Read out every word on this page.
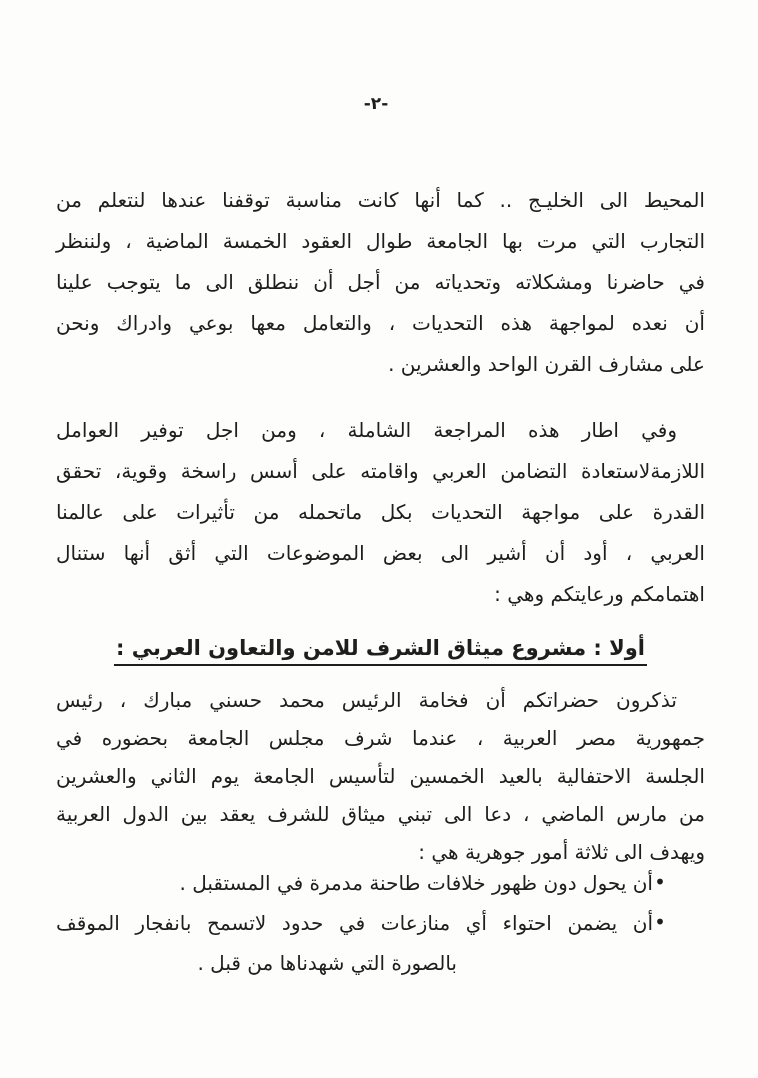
-٢-
المحيط الى الخليـج .. كما أنها كانت مناسبة توقفنا عندها لنتعلم من
التجارب التي مرت بها الجامعة طوال العقود الخمسة الماضية ، ولننظر
في حاضرنا ومشكلاته وتحدياته من أجل أن ننطلق الى ما يتوجب علينا
أن نعده لمواجهة هذه التحديات ، والتعامل معها بوعي وادراك ونحن
على مشارف القرن الواحد والعشرين .
وفي اطار هذه المراجعة الشاملة ، ومن اجل توفير العوامل
اللازمةلاستعادة التضامن العربي واقامته على أسس راسخة وقوية، تحقق
القدرة على مواجهة التحديات بكل ماتحمله من تأثيرات على عالمنا
العربي ، أود أن أشير الى بعض الموضوعات التي أثق أنها ستنال
اهتمامكم ورعايتكم وهي :
أولا : مشروع ميثاق الشرف للامن والتعاون العربي :
تذكرون حضراتكم أن فخامة الرئيس محمد حسني مبارك ، رئيس
جمهورية مصر العربية ، عندما شرف مجلس الجامعة بحضوره في
الجلسة الاحتفالية بالعيد الخمسين لتأسيس الجامعة يوم الثاني والعشرين
من مارس الماضي ، دعا الى تبني ميثاق للشرف يعقد بين الدول العربية
ويهدف الى ثلاثة أمور جوهرية هي :
•
أن يحول دون ظهور خلافات طاحنة مدمرة في المستقبل .
•
أن يضمن احتواء أي منازعات في حدود لاتسمح بانفجار الموقف
بالصورة التي شهدناها من قبل .
